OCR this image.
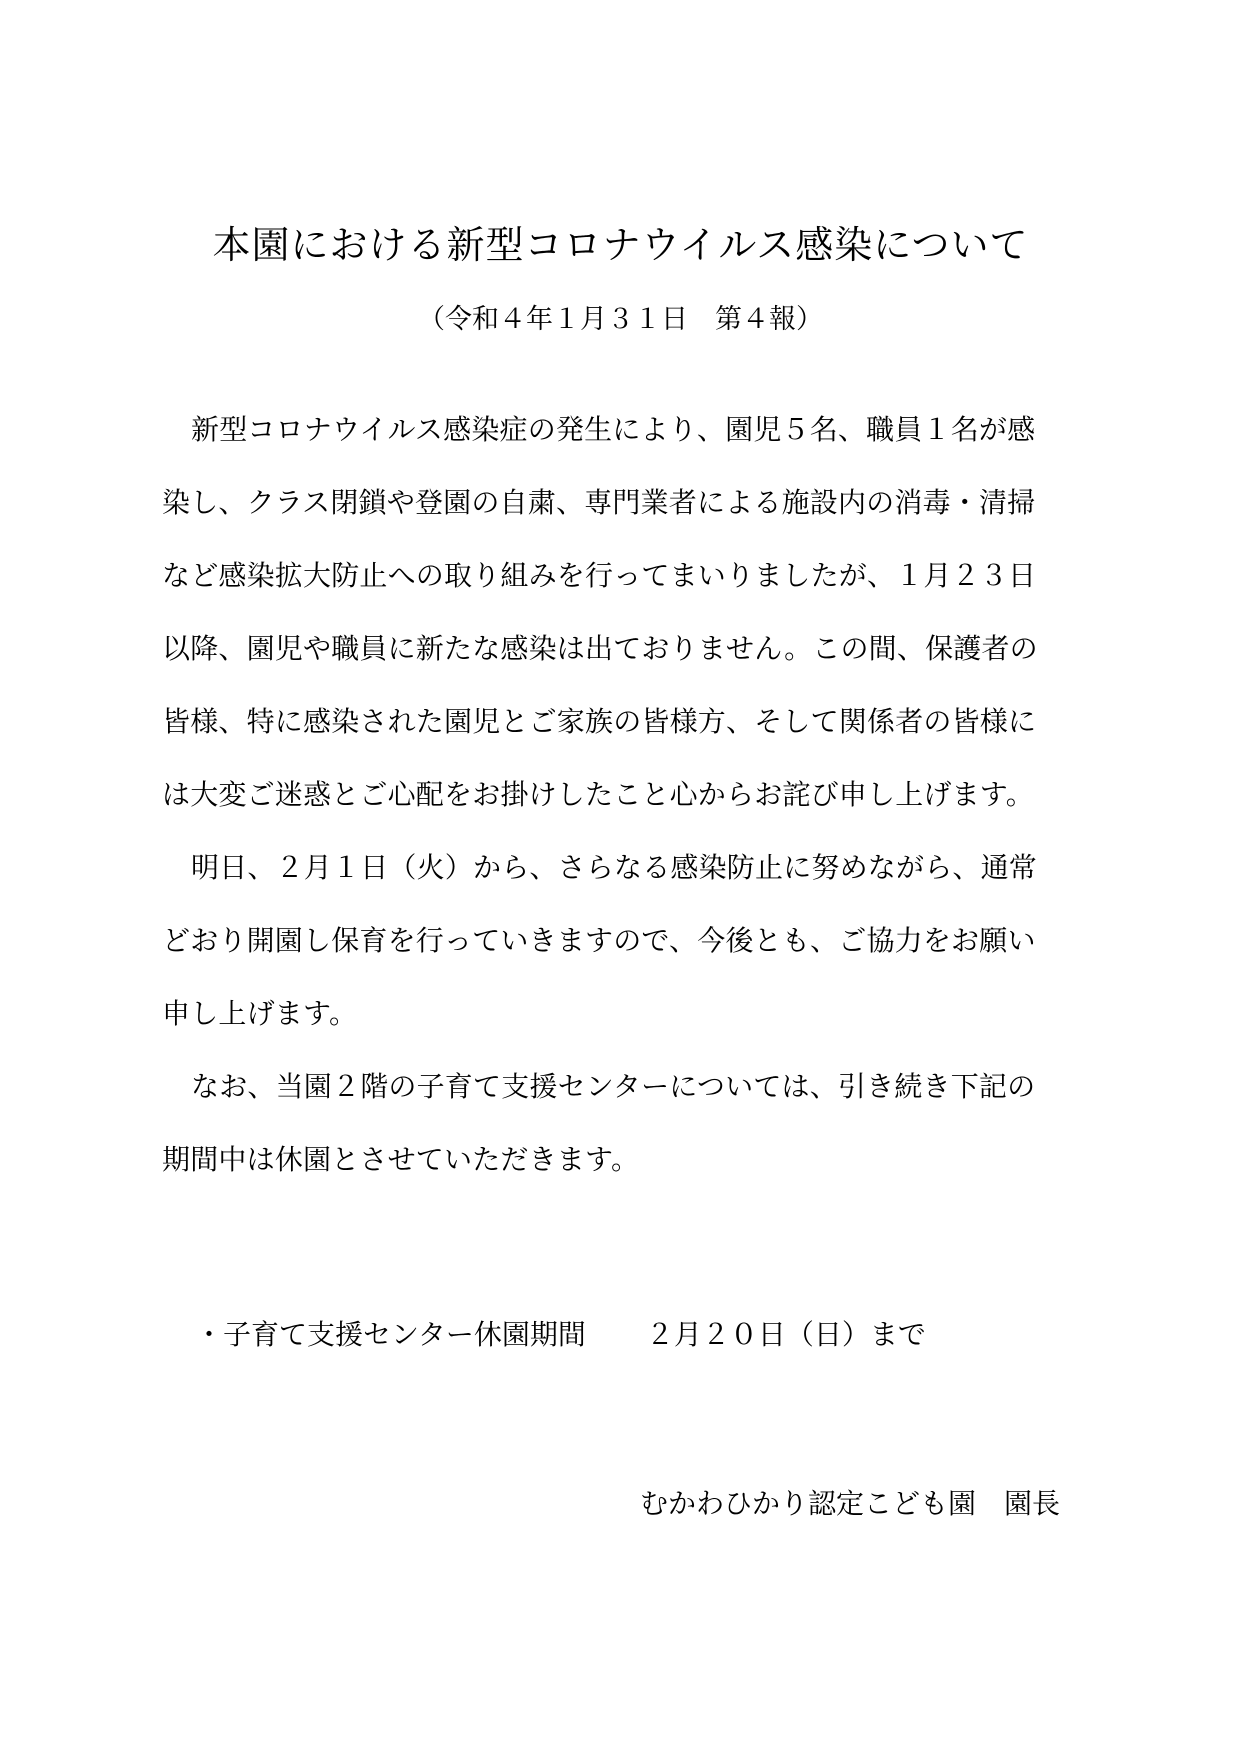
本園における新型コロナウイルス感染について
（令和４年１月３１日　第４報）
新型コロナウイルス感染症の発生により、園児５名、職員１名が感
染し、クラス閉鎖や登園の自粛、専門業者による施設内の消毒・清掃
など感染拡大防止への取り組みを行ってまいりましたが、１月２３日
以降、園児や職員に新たな感染は出ておりません。この間、保護者の
皆様、特に感染された園児とご家族の皆様方、そして関係者の皆様に
は大変ご迷惑とご心配をお掛けしたこと心からお詫び申し上げます。
明日、２月１日（火）から、さらなる感染防止に努めながら、通常
どおり開園し保育を行っていきますので、今後とも、ご協力をお願い
申し上げます。
なお、当園２階の子育て支援センターについては、引き続き下記の
期間中は休園とさせていただきます。
・子育て支援センター休園期間 ２月２０日（日）まで
むかわひかり認定こども園　園長
